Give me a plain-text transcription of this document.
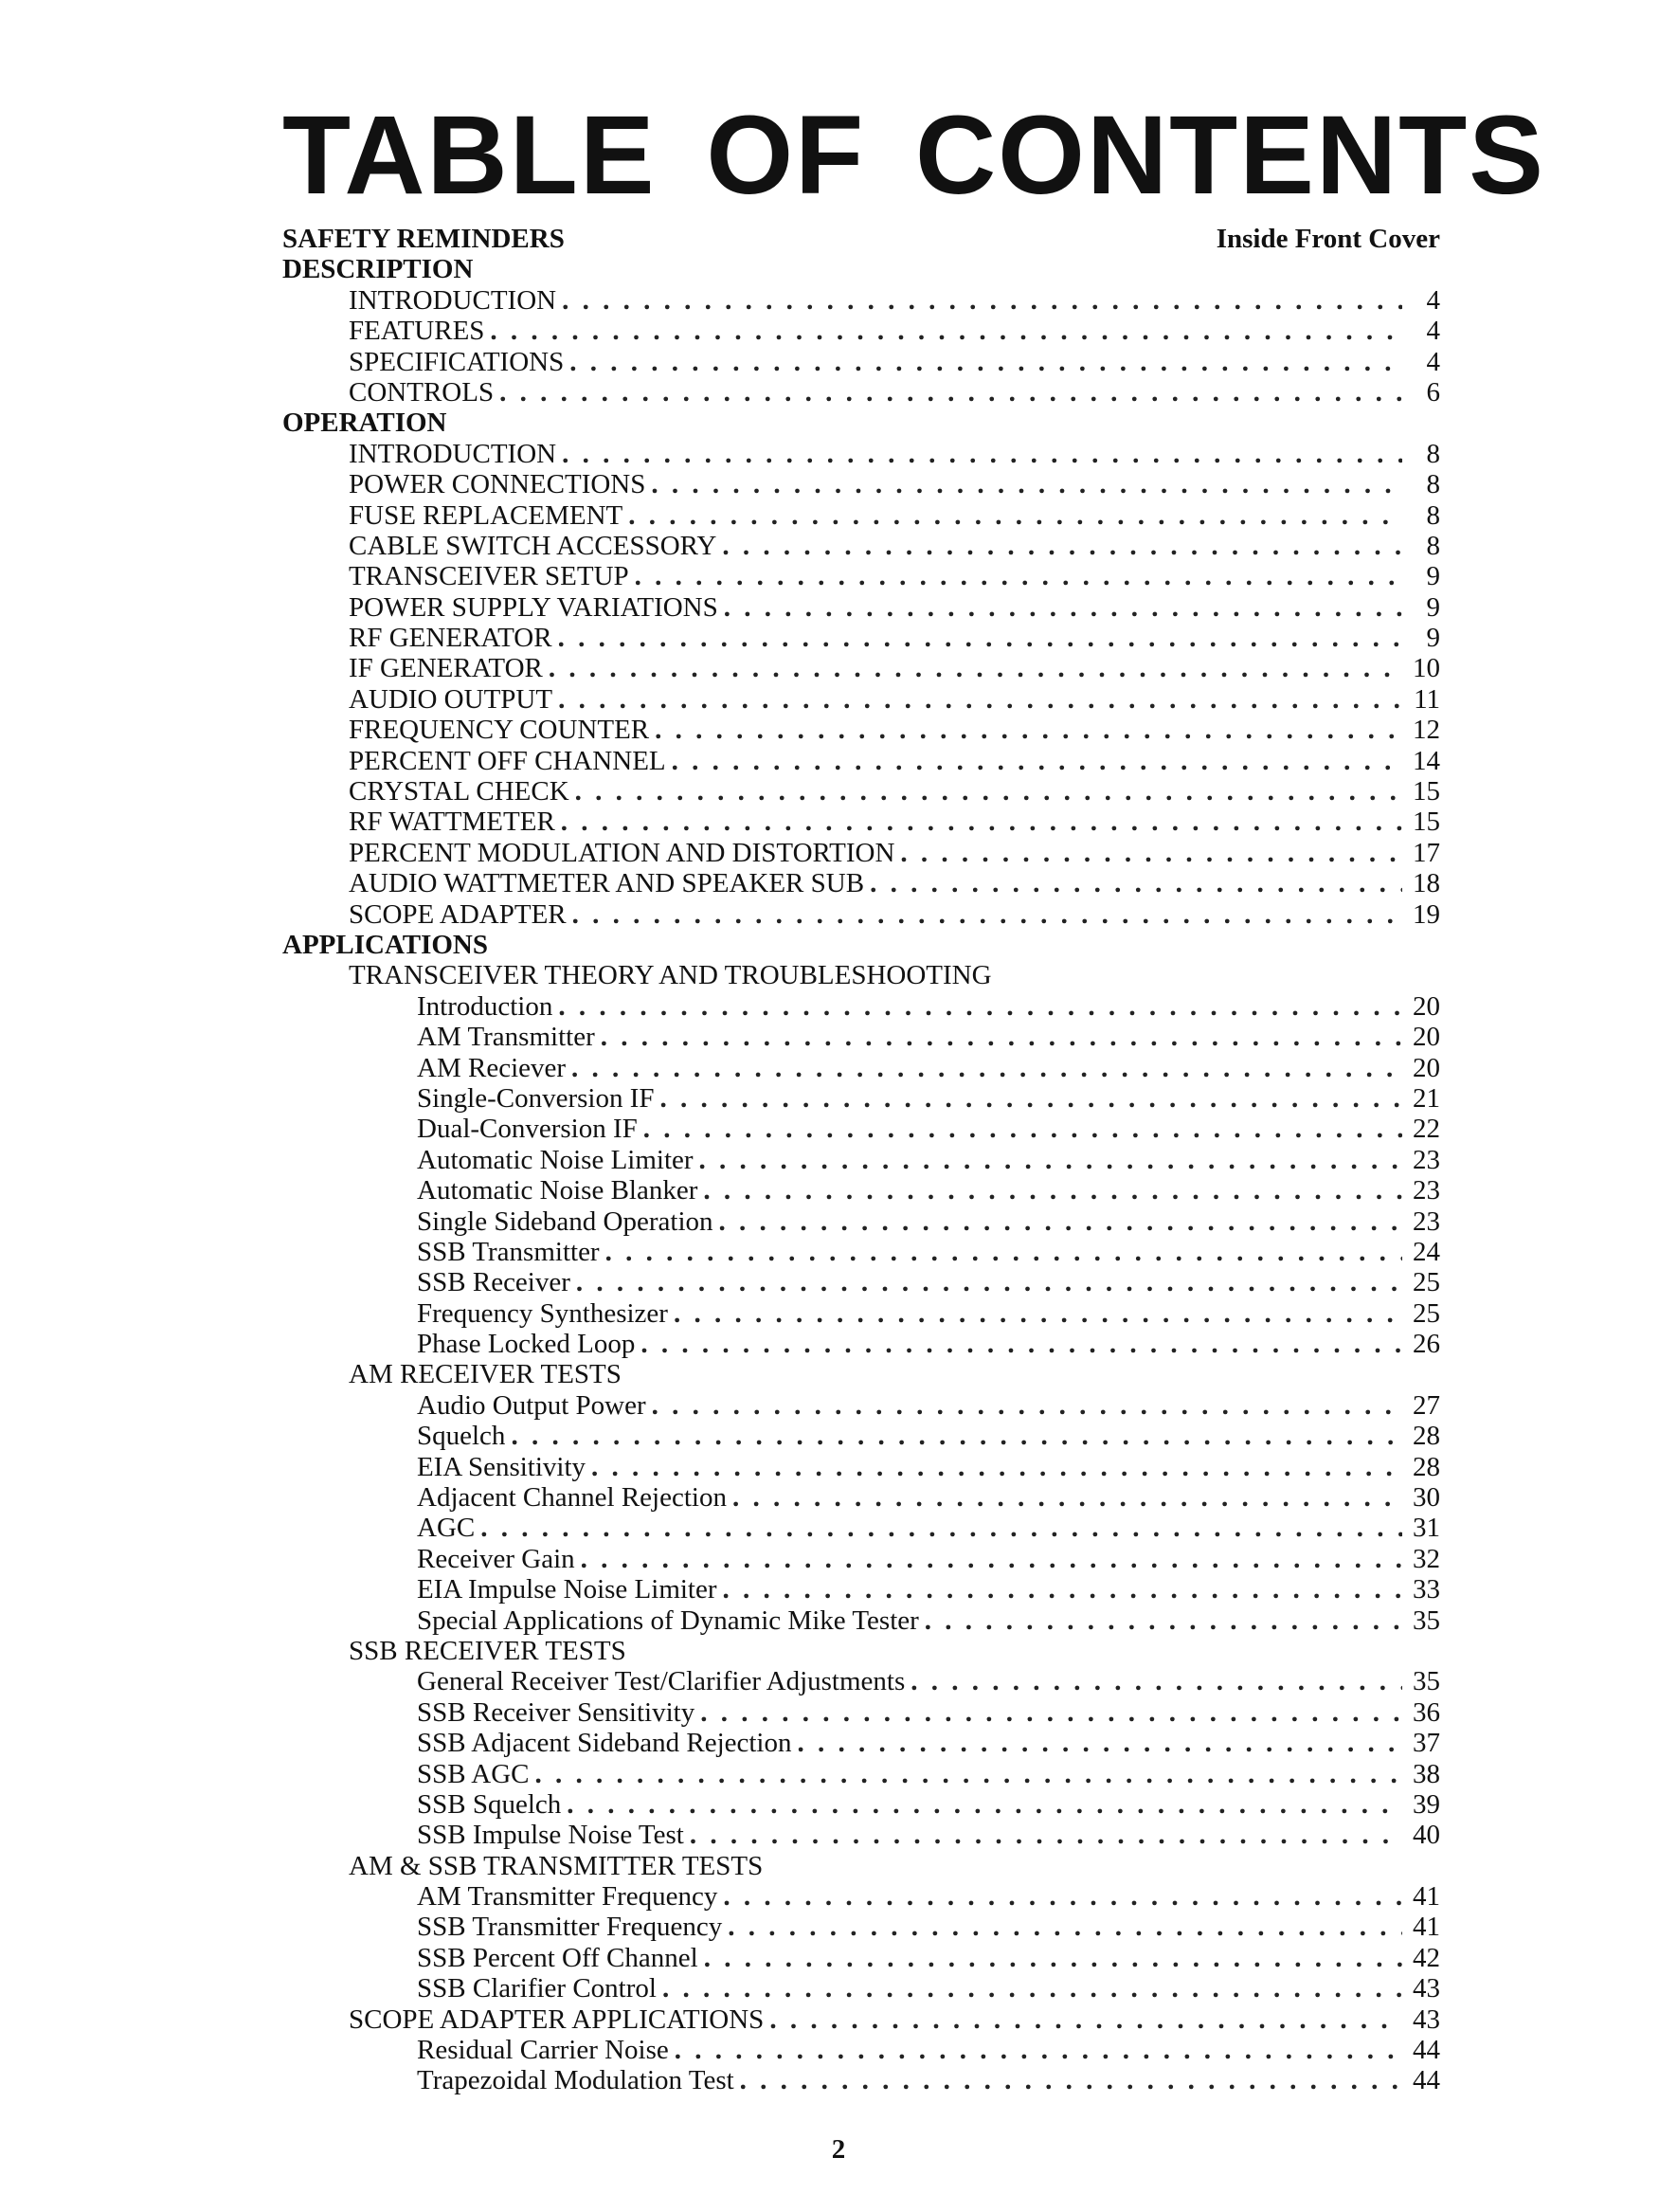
TABLE OF CONTENTS
SAFETY REMINDERS	Inside Front Cover
DESCRIPTION
INTRODUCTION . . .	4
FEATURES . . .	4
SPECIFICATIONS . . .	4
CONTROLS . . .	6
OPERATION
INTRODUCTION . . .	8
POWER CONNECTIONS . . .	8
FUSE REPLACEMENT . . .	8
CABLE SWITCH ACCESSORY . . .	8
TRANSCEIVER SETUP . . .	9
POWER SUPPLY VARIATIONS . . .	9
RF GENERATOR . . .	9
IF GENERATOR . . .	10
AUDIO OUTPUT . . .	11
FREQUENCY COUNTER . . .	12
PERCENT OFF CHANNEL . . .	14
CRYSTAL CHECK . . .	15
RF WATTMETER . . .	15
PERCENT MODULATION AND DISTORTION . . .	17
AUDIO WATTMETER AND SPEAKER SUB . . .	18
SCOPE ADAPTER . . .	19
APPLICATIONS
TRANSCEIVER THEORY AND TROUBLESHOOTING
Introduction . . .	20
AM Transmitter . . .	20
AM Reciever . . .	20
Single-Conversion IF . . .	21
Dual-Conversion IF . . .	22
Automatic Noise Limiter . . .	23
Automatic Noise Blanker . . .	23
Single Sideband Operation . . .	23
SSB Transmitter . . .	24
SSB Receiver . . .	25
Frequency Synthesizer . . .	25
Phase Locked Loop . . .	26
AM RECEIVER TESTS
Audio Output Power . . .	27
Squelch . . .	28
EIA Sensitivity . . .	28
Adjacent Channel Rejection . . .	30
AGC . . .	31
Receiver Gain . . .	32
EIA Impulse Noise Limiter . . .	33
Special Applications of Dynamic Mike Tester . . .	35
SSB RECEIVER TESTS
General Receiver Test/Clarifier Adjustments . . .	35
SSB Receiver Sensitivity . . .	36
SSB Adjacent Sideband Rejection . . .	37
SSB AGC . . .	38
SSB Squelch . . .	39
SSB Impulse Noise Test . . .	40
AM & SSB TRANSMITTER TESTS
AM Transmitter Frequency . . .	41
SSB Transmitter Frequency . . .	41
SSB Percent Off Channel . . .	42
SSB Clarifier Control . . .	43
SCOPE ADAPTER APPLICATIONS . . .	43
Residual Carrier Noise . . .	44
Trapezoidal Modulation Test . . .	44
2
